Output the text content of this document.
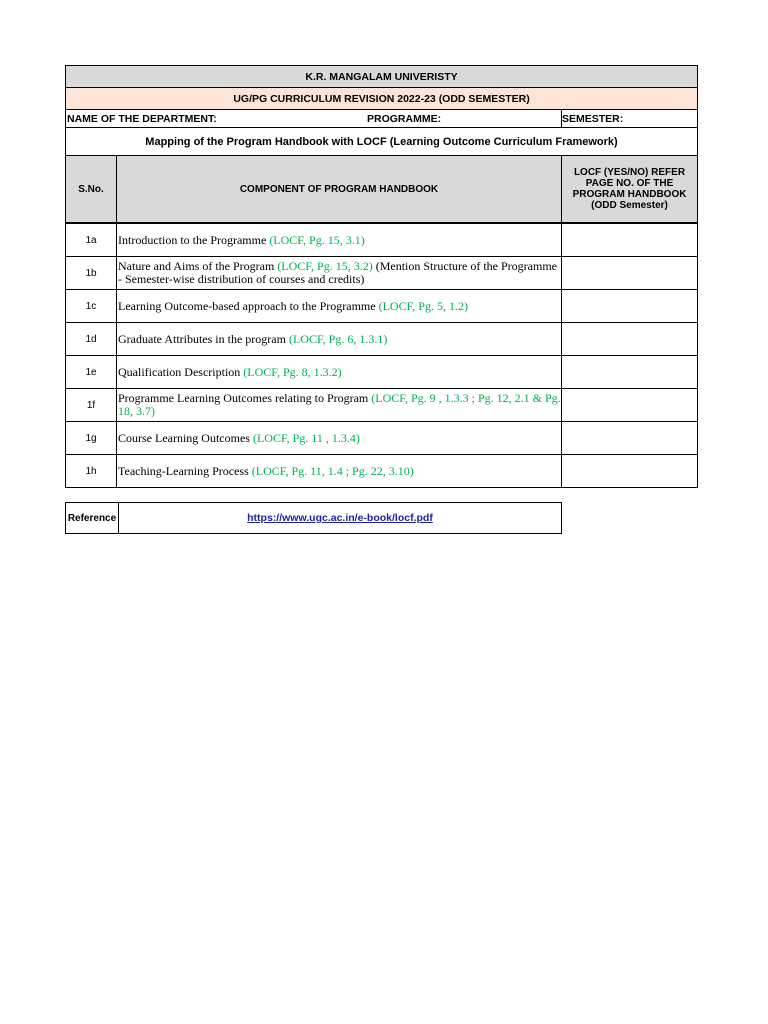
K.R. MANGALAM UNIVERISTY		
UG/PG CURRICULUM REVISION 2022-23 (ODD SEMESTER)		

NAME OF THE DEPARTMENT: PROGRAMME:		SEMESTER:
Mapping of the Program Handbook with LOCF (Learning Outcome Curriculum Framework)		
S.No.	COMPONENT OF PROGRAM HANDBOOK	LOCF (YES/NO) REFER PAGE NO. OF THE PROGRAM HANDBOOK (ODD Semester)
1a	Introduction to the Programme (LOCF, Pg. 15, 3.1)	
1b	Nature and Aims of the Program (LOCF, Pg. 15, 3.2) (Mention Structure of the Programme - Semester-wise distribution of courses and credits)	
1c	Learning Outcome-based approach to the Programme (LOCF, Pg. 5, 1.2)	
1d	Graduate Attributes in the program (LOCF, Pg. 6, 1.3.1)	
1e	Qualification Description (LOCF, Pg. 8, 1.3.2)	
1f	Programme Learning Outcomes relating to Program (LOCF, Pg. 9 , 1.3.3 ; Pg. 12, 2.1 & Pg. 18, 3.7)	
1g	Course Learning Outcomes (LOCF, Pg. 11 , 1.3.4)	
1h	Teaching-Learning Process (LOCF, Pg. 11, 1.4 ; Pg. 22, 3.10)	
Reference	https://www.ugc.ac.in/e-book/locf.pdf
